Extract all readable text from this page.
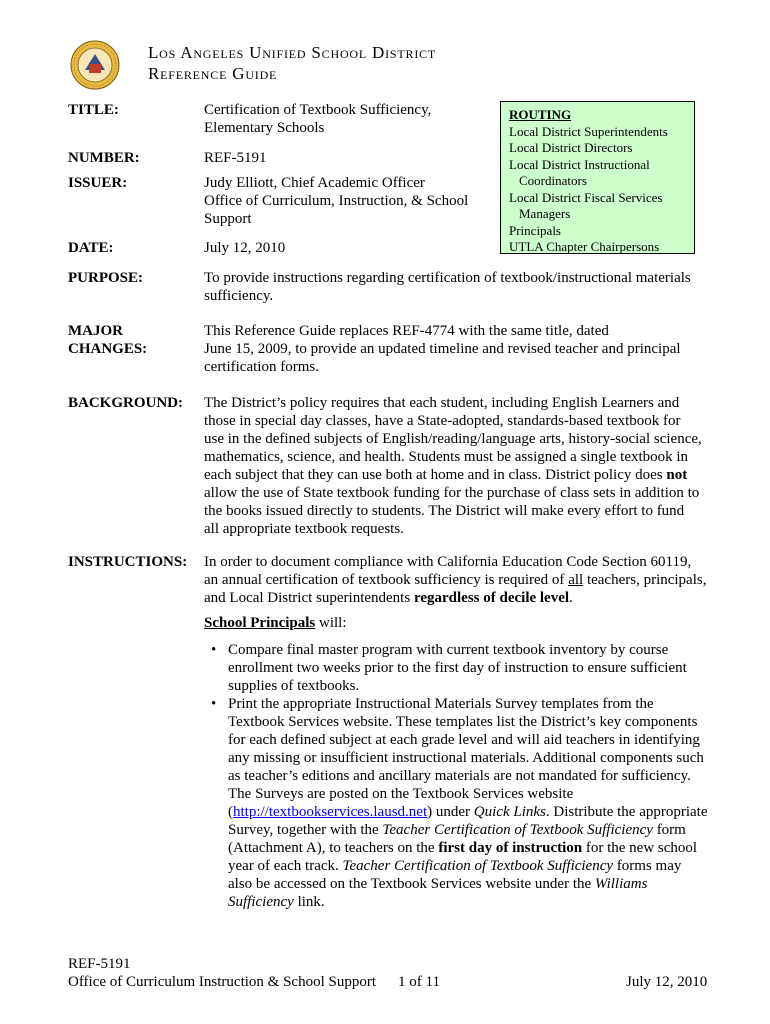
Los Angeles Unified School District
Reference Guide
TITLE:	Certification of Textbook Sufficiency,
Elementary Schools
NUMBER:	REF-5191
ISSUER:	Judy Elliott, Chief Academic Officer
Office of Curriculum, Instruction, & School
Support
DATE:	July 12, 2010
ROUTING
Local District Superintendents
Local District Directors
Local District Instructional
Coordinators
Local District Fiscal Services
Managers
Principals
UTLA Chapter Chairpersons
PURPOSE:	To provide instructions regarding certification of textbook/instructional materials
sufficiency.
MAJOR
CHANGES:
This Reference Guide replaces REF-4774 with the same title, dated
June 15, 2009, to provide an updated timeline and revised teacher and principal
certification forms.
BACKGROUND: The District’s policy requires that each student, including English Learners and
those in special day classes, have a State-adopted, standards-based textbook for
use in the defined subjects of English/reading/language arts, history-social science,
mathematics, science, and health. Students must be assigned a single textbook in
each subject that they can use both at home and in class. District policy does not
allow the use of State textbook funding for the purchase of class sets in addition to
the books issued directly to students. The District will make every effort to fund
all appropriate textbook requests.
INSTRUCTIONS: In order to document compliance with California Education Code Section 60119,
an annual certification of textbook sufficiency is required of all teachers, principals,
and Local District superintendents regardless of decile level.
School Principals will:
• Compare final master program with current textbook inventory by course
enrollment two weeks prior to the first day of instruction to ensure sufficient
supplies of textbooks.
• Print the appropriate Instructional Materials Survey templates from the
Textbook Services website. These templates list the District’s key components
for each defined subject at each grade level and will aid teachers in identifying
any missing or insufficient instructional materials. Additional components such
as teacher’s editions and ancillary materials are not mandated for sufficiency.
The Surveys are posted on the Textbook Services website
(http://textbookservices.lausd.net) under Quick Links. Distribute the appropriate
Survey, together with the Teacher Certification of Textbook Sufficiency form
(Attachment A), to teachers on the first day of instruction for the new school
year of each track. Teacher Certification of Textbook Sufficiency forms may
also be accessed on the Textbook Services website under the Williams
Sufficiency link.
REF-5191
Office of Curriculum Instruction & School Support 1 of 11	July 12, 2010
